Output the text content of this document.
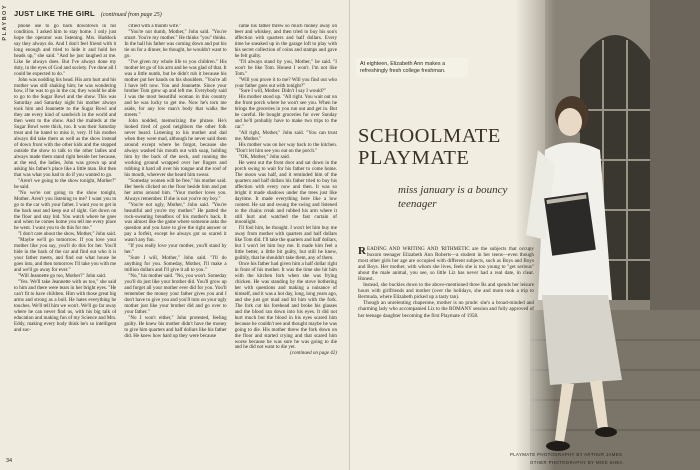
PLAYBOY JUST LIKE THE GIRL (continued from page 25)

phone use to go back downtown in his condition. I asked him to stay home. I only just hope the operator was listening. Mrs. Haddock say they always do. And I don't feel friend with it long enough and tried to hide it and hold her heads up," she said. "And he just laughed at me. Like he always does. But I've always done my duty, in the eyes of God and society. I've done all I could be expected to do."

John was nodding his head. His arm hurt and his mother was still shaking him; he was wondering how, if he was to go in the car, they would be able to go to the Sugar Bowl and the show. This was Saturday and Saturday night his mother always took him and Jeannette to the Sugar Bowl and they ate every kind of sandwich in the world and then went to the show. And the malteds at the Sugar Bowl were thick, too. It was their Saturday treat and he hated to miss it, very. If his mother always did take them as well as the show instead of down front with the other kids and the stopped outside the show to talk to the other ladies and always made them stand right beside her because, at the end, the ladies, John was grown up and asking his father's place like a little man. But then that was what you had to do if you wanted to go.

"Aren't we going to the show tonight, Mother?" he said.

"No we're not going to the show tonight, Mother. Aren't you listening to me? I want you to go to the car with your father. I want you to get in the back seat and keep out of sight. Get down on the floor and stay hid. You watch where he goes and when he comes home you tell me every place he went. I want you to do this for me."

"I don't care about the show, Mother," John said.

"Maybe we'll go tomorrow. If you love your mother like you say, you'll do this for her. You'll hide in the back of the car and find out who it is your father meets, and find out what house he goes into, and then tomorrow I'll take you with me and we'll go away for ever."

"Will Jeannette go too, Mother?" John said.

"Yes. We'll take Jeannette with us too," she said to him and there were tears in her bright eyes. "He can't fit to have children. Him with those great big arms and strong as a bull. He hates everything he touches. We'll tell him we won't. We'll go far away where he can never find us, with his big talk of education and making fun of my Science and Mrs. Eddy, making every body think he's so intelligent and suc-

cified with a thumb wife."

"You're not dumb, Mother," John said. "You're smart. You're my mother." He thinks "you" thinks. In the hall his father was coming down and put his tie on for a dinner, he thought, he wouldn't want to go.

"I've given my whole life to you children." His mother let go of his arm and he was glad of that. It was a little numb, but he didn't rub it because his mother put her hands on his shoulders. "You're all I have left now. You and Jeannette. Since your brother Tom grew up and left me. Everybody said I was the most beautiful woman in this country and he was lucky to get me. Now he's torn me aside, for any low man's body that walks the streets."

John nodded, memorizing the phrase. He's looked tired of good neighbors the other folk never heard. Listening to his mother and dad when they were mad, although he never said them around except where he forgot, because she always washed his mouth out with soap, holding him by the back of the neck, and running the working ground wrapped over her fingers and rubbing it hard all over his tongue and the roof of his mouth, wherever she heard him swear.

"Someday women will be free," his mother said. Her heels clicked on the floor beside him and put her arms around him. "Your mother loves you. Always remember. If she is not you're my boy."

"You're not ugly, Mother," John said. "You're beautiful and you're my mother." He patted the rock-sweating breadbox of his mother's back. It was almost like the game where someone asks the question and you have to give the right answer or pay a forfeit, except he always got so scared it wasn't any fun.

"If you really love your mother, you'll stand by her."

"Sure I will, Mother," John said. "I'll do anything for you. Someday, Mother, I'll make a million dollars and I'll give it all to you."

"No," his mother said. "No, you won't. Someday you'll do just like your brother did. You'll grow up and forget all your mother ever did for you. You'll remember the money your father gives you and I don't have to give you and you'll turn on your ugly mother just like your brother did and go over to your father."

"No I won't either," John protested, feeling guilty. He knew his mother didn't have the money to give him quarters and half dollars like his father did. He knew how hard up they were because

came his father threw so much money away on beer and whiskey, and then tried to buy his son's affection with quarters and half dollars. Every time he sneaked up in the garage loft to play with his secret collection of coins and stamps and gave he felt guilty.

"I'll always stand by you, Mother," he said. "I won't be like Tom. Honest I won't. I'm not like Tom."

"Will you prove it to me? Will you find out who your father goes out with tonight?"

"Sure I will, Mother. Didn't I say I would?"

His mother stood up. "All right. You wait out on the front porch where he won't see you. When he brings the groceries in you run out and get in. But be careful. He bought groceries for over Sunday and he'll probably have to make two trips to the car."

"All right, Mother," John said. "You can trust me, Mother."

His mother was on her way back to the kitchen. "Don't let him see you out on the porch."

"OK, Mother," John said.

He went out the front door and sat down in the porch swing to wait for his father to come home. The moon was half, and it reminded him of the quarters and half dollars his father tried to buy his affection with every now and then. It was so bright it made shadows under the trees just like daytime. It made everything here like a low contest. He sat and swung the swing and listened to the chains creak and rubbed his arm where it still hurt and watched the fast curtain of moonlight.

I'll fool him, he thought. I won't let him buy me away from mother with quarters and half dollars like Tom did. I'll take the quarters and half dollars, but I won't let him buy me. It made him feel a little better, a little bit guilty, but still he knew, guiltily, that he shouldn't take them, any of them.

Once his father had given him a half dollar right in front of his mother. It was the time she hit him with the kitchen fork when she was frying chicken. He was standing by the stove bothering her with questions and making a nuisance of himself, and it was a hot day, long, long years ago, and she just got mad and hit him with the fork. The fork cut his forehead and broke his glasses and the blood ran down into his eyes. It did not hurt much but the blood in his eyes scared him because he couldn't see and thought maybe he was going to die. His mother threw the fork down on the floor and started crying and that scared him worse because he was sure he was going to die and he did not want to die yet.

(continued on page 42)

34
At eighteen, Elizabeth Ann makes a refreshingly fresh college freshman.
SCHOOLMATE
PLAYMATE
miss january is a bouncy teenager
R EADING AND WRITING AND 'RITHMETIC are the subjects that occupy buxom teenager Elizabeth Ann Roberts—a student in her teens—even though most other girls her age are occupied with different subjects, such as Boys and Boys and Boys. Her mother, with whom she lives, feels she is too young to "get serious" about the male animal, you see, so little Liz has never had a real date, in clear. Honest.
 Instead, she buckles down to the above-mentioned three Rs and spends her leisure hours with girlfriends and mother (over the holidays, she and mom took a trip to Bermuda, where Elizabeth picked up a tasty tan).
 Though an unrelenting chaperone, mother is no prude: she's a broad-minded and charming lady who accompanied Liz to the ROMANY session and fully approved of her teenage daughter becoming the first Playmate of 1958.
PLAYMATE PHOTOGRAPHY BY ARTHUR JAMES
OTHER PHOTOGRAPHY BY MIKE SHEA
